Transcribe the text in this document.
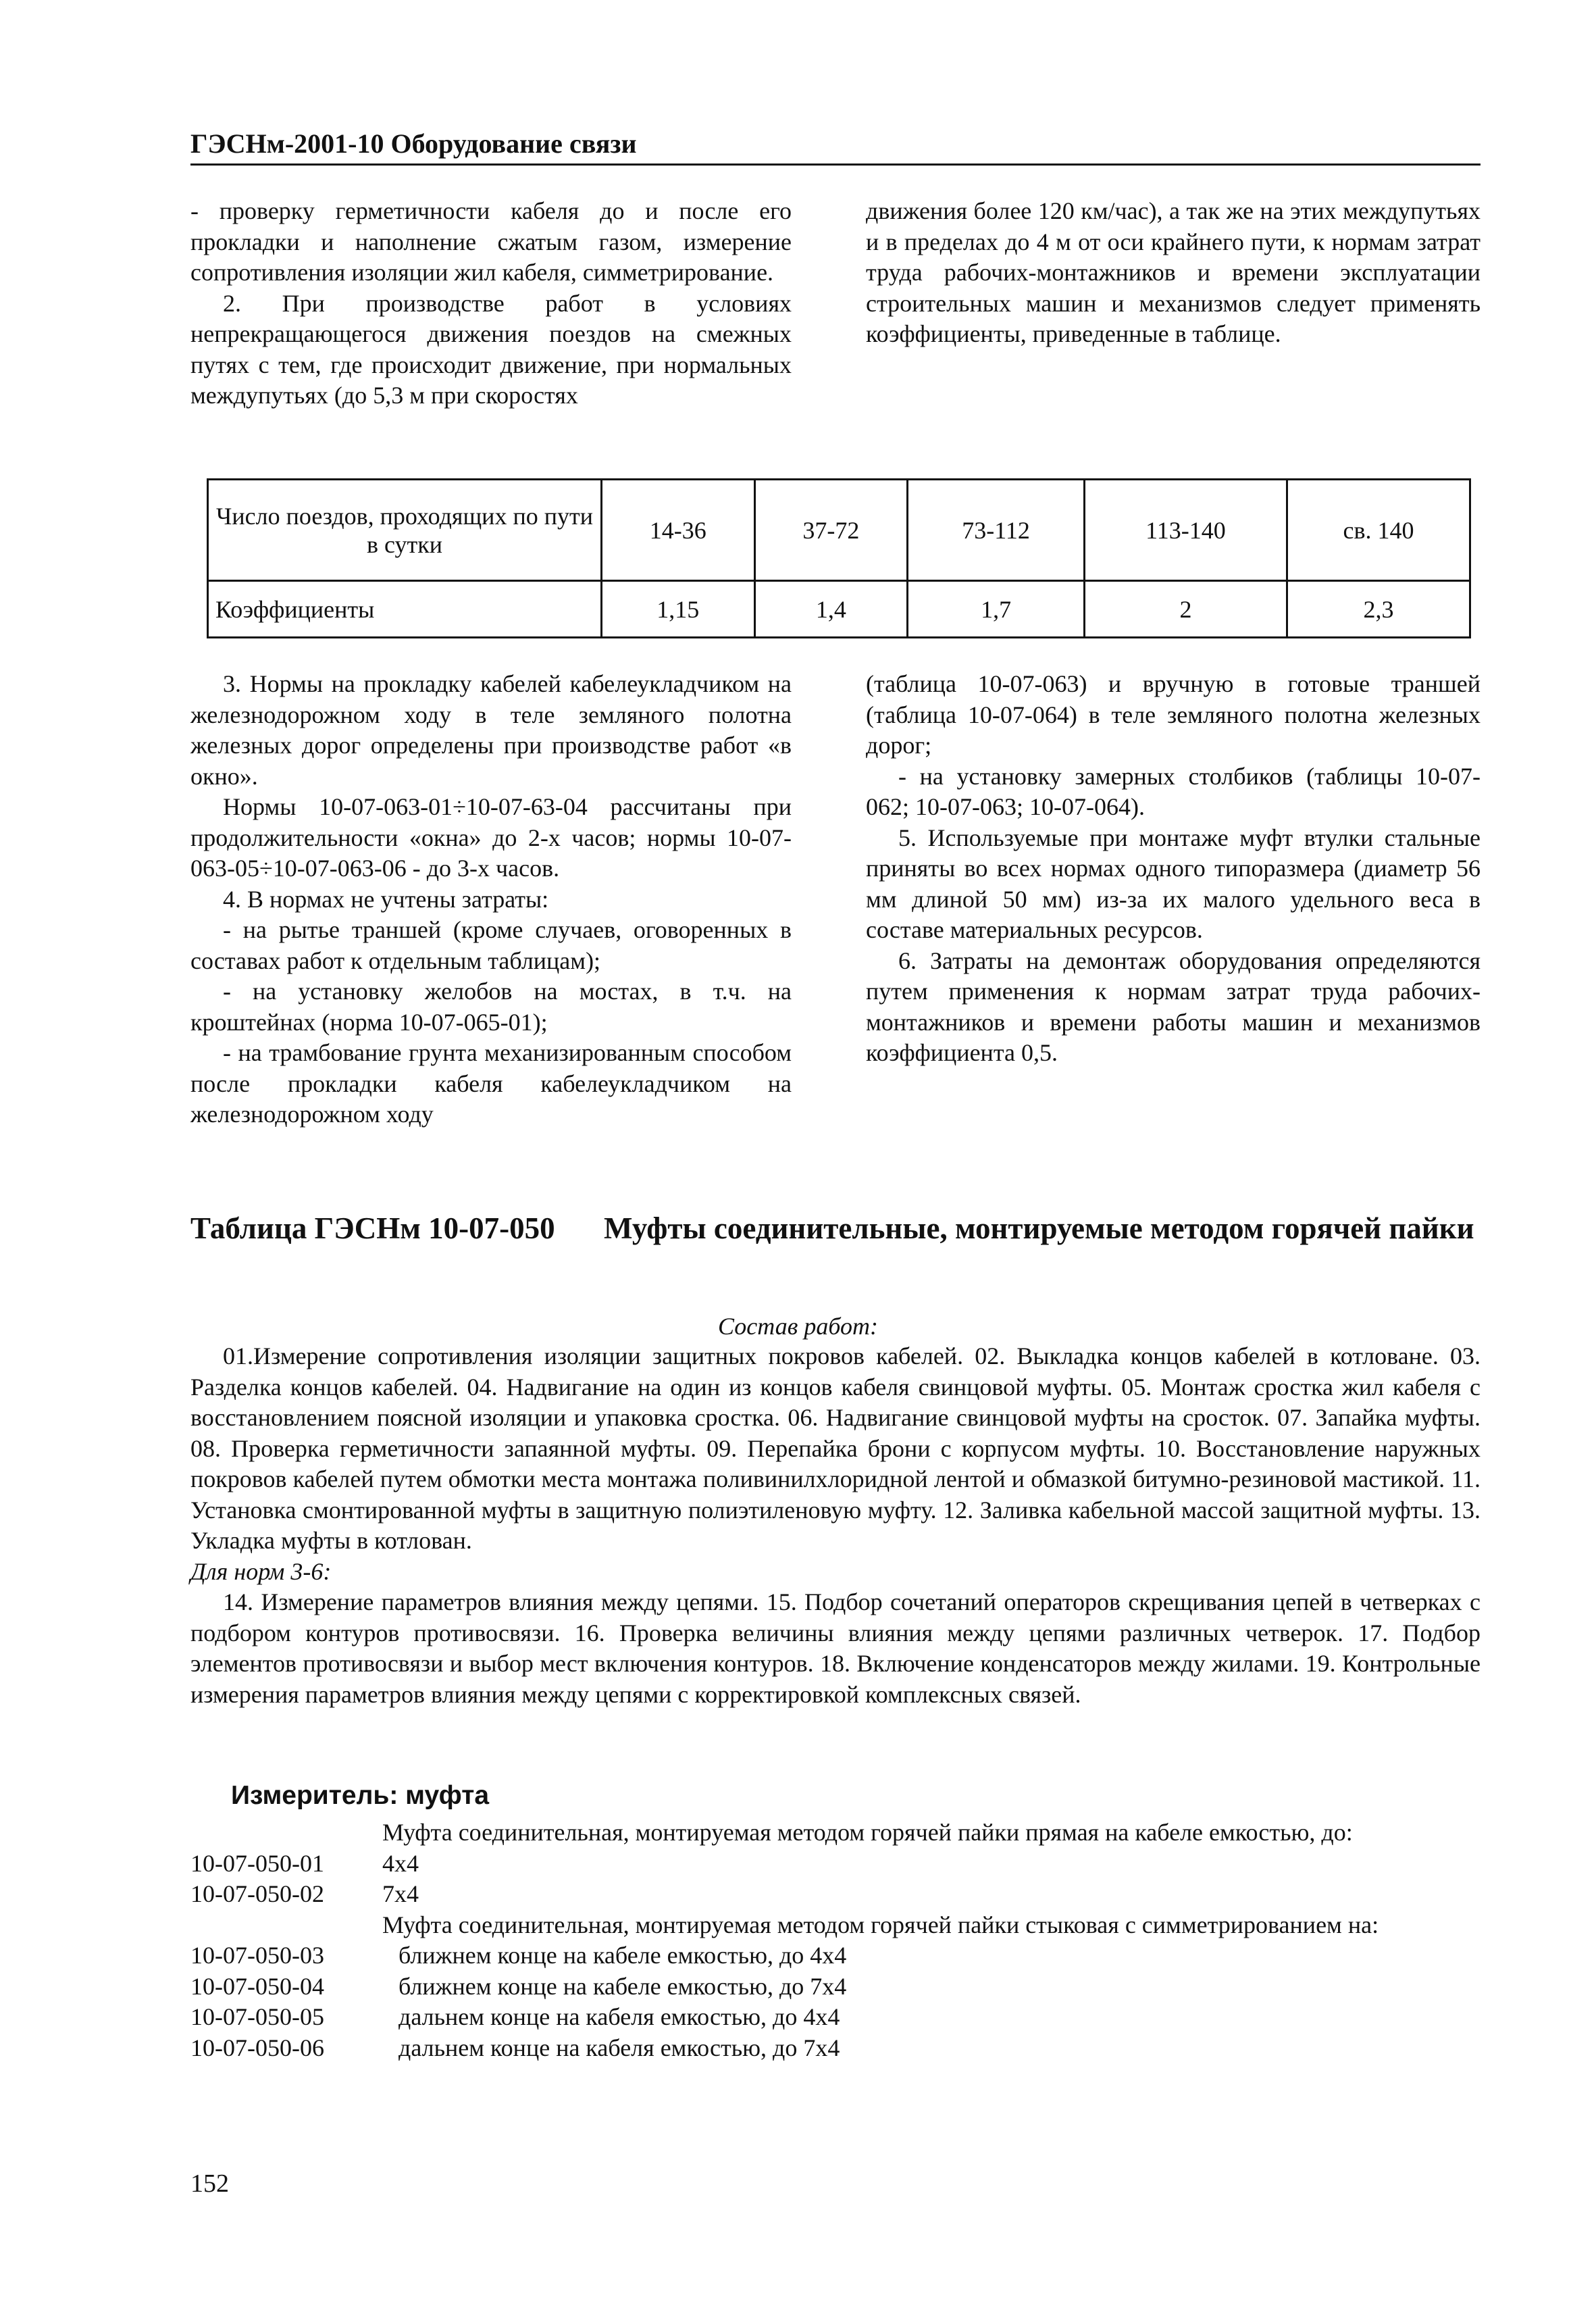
ГЭСНм-2001-10 Оборудование связи

- проверку герметичности кабеля до и после его прокладки и наполнение сжатым газом, измерение сопротивления изоляции жил кабеля, симметрирование.

2. При производстве работ в условиях непрекращающегося движения поездов на смежных путях с тем, где происходит движение, при нормальных междупутьях (до 5,3 м при скоростях

движения более 120 км/час), а так же на этих междупутьях и в пределах до 4 м от оси крайнего пути, к нормам затрат труда рабочих-монтажников и времени эксплуатации строительных машин и механизмов следует применять коэффициенты, приведенные в таблице.

Число поездов, проходящих по пути в сутки	14-36	37-72	73-112	113-140	св. 140
Коэффициенты	1,15	1,4	1,7	2	2,3

3. Нормы на прокладку кабелей кабелеукладчиком на железнодорожном ходу в теле земляного полотна железных дорог определены при производстве работ «в окно».

Нормы 10-07-063-01÷10-07-63-04 рассчитаны при продолжительности «окна» до 2-х часов; нормы 10-07-063-05÷10-07-063-06 - до 3-х часов.

4. В нормах не учтены затраты:

- на рытье траншей (кроме случаев, оговоренных в составах работ к отдельным таблицам);

- на установку желобов на мостах, в т.ч. на кроштейнах (норма 10-07-065-01);

- на трамбование грунта механизированным способом после прокладки кабеля кабелеукладчиком на железнодорожном ходу

(таблица 10-07-063) и вручную в готовые траншей (таблица 10-07-064) в теле земляного полотна железных дорог;

- на установку замерных столбиков (таблицы 10-07-062; 10-07-063; 10-07-064).

5. Используемые при монтаже муфт втулки стальные приняты во всех нормах одного типоразмера (диаметр 56 мм длиной 50 мм) из-за их малого удельного веса в составе материальных ресурсов.

6. Затраты на демонтаж оборудования определяются путем применения к нормам затрат труда рабочих-монтажников и времени работы машин и механизмов коэффициента 0,5.

Таблица ГЭСНм 10-07-050 Муфты соединительные, монтируемые методом горячей пайки
Состав работ:

01.Измерение сопротивления изоляции защитных покровов кабелей. 02. Выкладка концов кабелей в котловане. 03. Разделка концов кабелей. 04. Надвигание на один из концов кабеля свинцовой муфты. 05. Монтаж сростка жил кабеля с восстановлением поясной изоляции и упаковка сростка. 06. Надвигание свинцовой муфты на сросток. 07. Запайка муфты. 08. Проверка герметичности запаянной муфты. 09. Перепайка брони с корпусом муфты. 10. Восстановление наружных покровов кабелей путем обмотки места монтажа поливинилхлоридной лентой и обмазкой битумно-резиновой мастикой. 11. Установка смонтированной муфты в защитную полиэтиленовую муфту. 12. Заливка кабельной массой защитной муфты. 13. Укладка муфты в котлован.

Для норм 3-6:

14. Измерение параметров влияния между цепями. 15. Подбор сочетаний операторов скрещивания цепей в четверках с подбором контуров противосвязи. 16. Проверка величины влияния между цепями различных четверок. 17. Подбор элементов противосвязи и выбор мест включения контуров. 18. Включение конденсаторов между жилами. 19. Контрольные измерения параметров влияния между цепями с корректировкой комплексных связей.

Измеритель: муфта
Муфта соединительная, монтируемая методом горячей пайки прямая на кабеле емкостью, до:
10-07-050-01	4x4
10-07-050-02	7x4
Муфта соединительная, монтируемая методом горячей пайки стыковая с симметрированием на:
10-07-050-03	ближнем конце на кабеле емкостью, до 4x4
10-07-050-04	ближнем конце на кабеле емкостью, до 7x4
10-07-050-05	дальнем конце на кабеля емкостью, до 4x4
10-07-050-06	дальнем конце на кабеля емкостью, до 7x4
152
